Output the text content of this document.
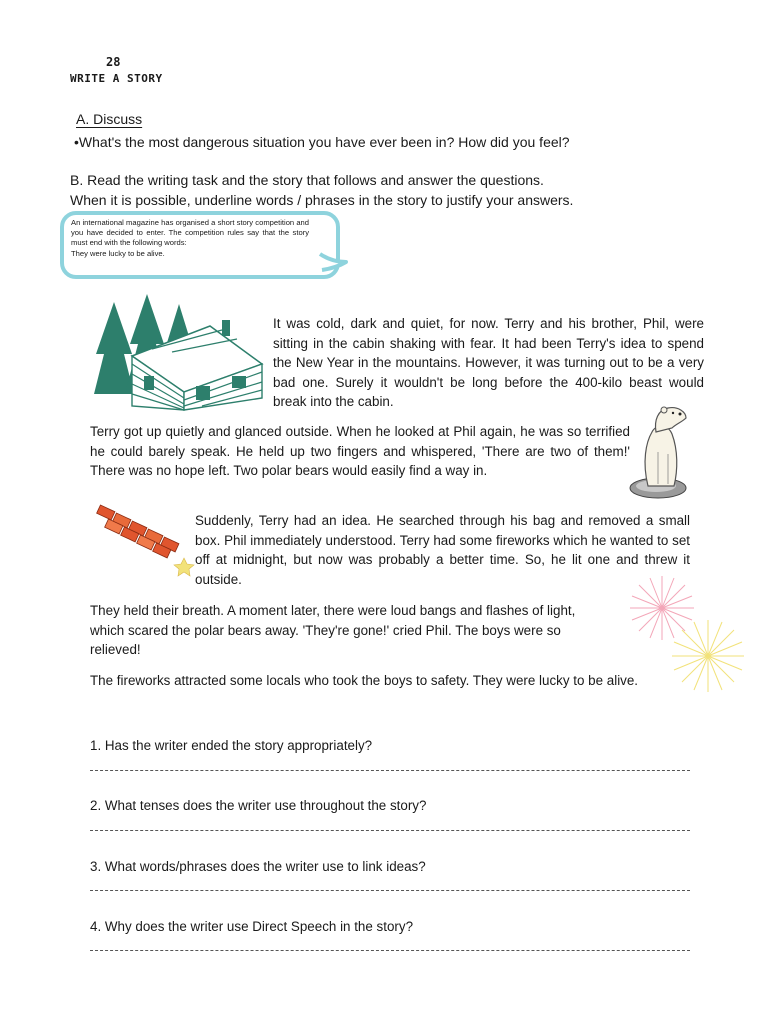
28
WRITE A STORY
A. Discuss
•What's the most dangerous situation you have ever been in? How did you feel?
B. Read the writing task and the story that follows and answer the questions.
When it is possible, underline words / phrases in the story to justify your answers.
An international magazine has organised a short story competition and you have decided to enter. The competition rules say that the story must end with the following words:
They were lucky to be alive.
It was cold, dark and quiet, for now. Terry and his brother, Phil, were sitting in the cabin shaking with fear. It had been Terry's idea to spend the New Year in the mountains. However, it was turning out to be a very bad one. Surely it wouldn't be long before the 400-kilo beast would break into the cabin.
Terry got up quietly and glanced outside. When he looked at Phil again, he was so terrified he could barely speak. He held up two fingers and whispered, 'There are two of them!' There was no hope left. Two polar bears would easily find a way in.
Suddenly, Terry had an idea. He searched through his bag and removed a small box. Phil immediately understood. Terry had some fireworks which he wanted to set off at midnight, but now was probably a better time. So, he lit one and threw it outside.
They held their breath. A moment later, there were loud bangs and flashes of light, which scared the polar bears away. 'They're gone!' cried Phil. The boys were so relieved!
The fireworks attracted some locals who took the boys to safety. They were lucky to be alive.
1. Has the writer ended the story appropriately?
2. What tenses does the writer use throughout the story?
3. What words/phrases does the writer use to link ideas?
4. Why does the writer use Direct Speech in the story?
